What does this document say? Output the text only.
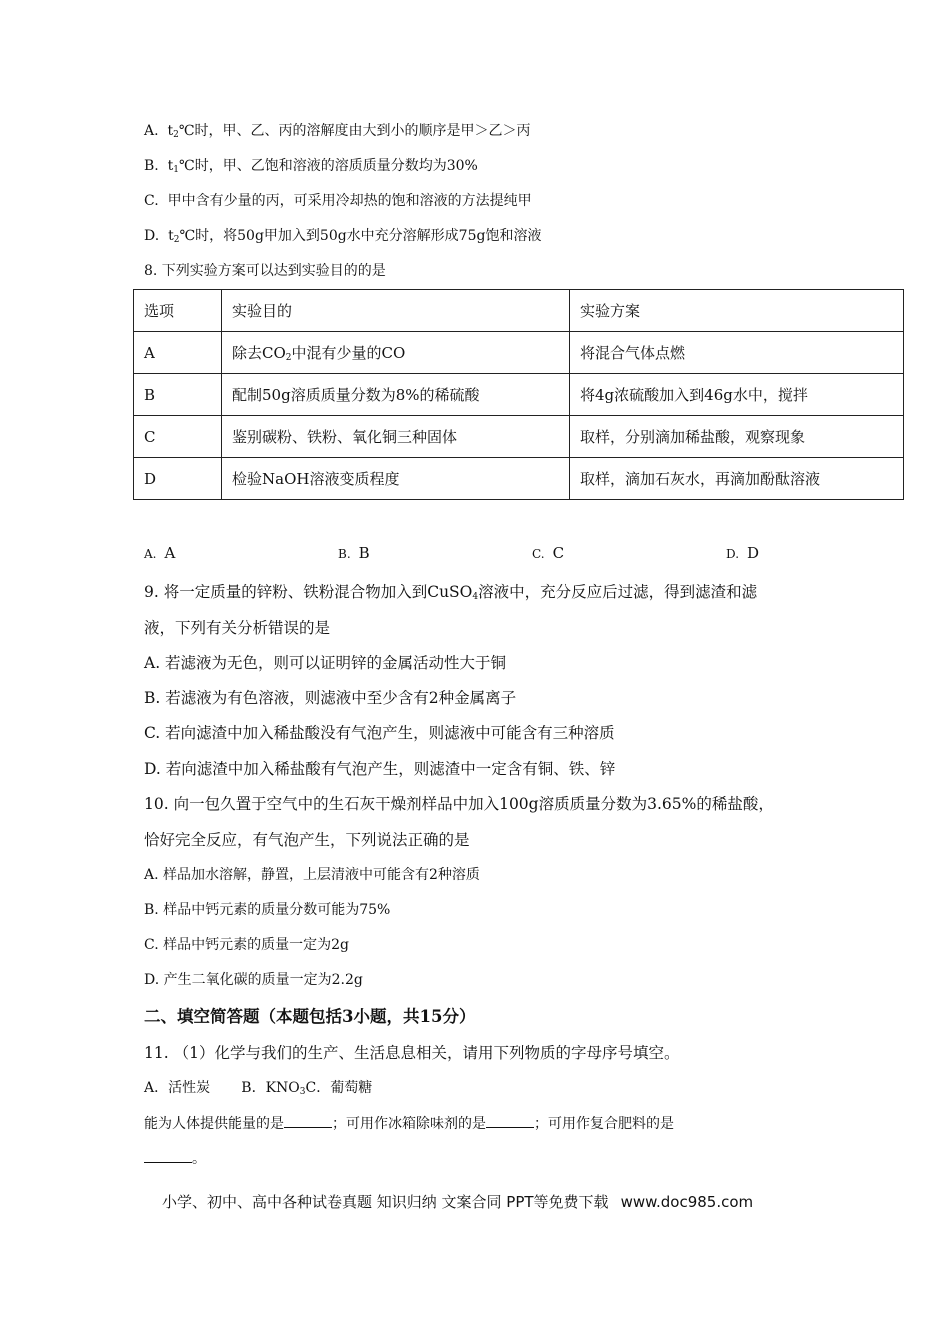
A. $t_2℃$时，甲、乙、丙的溶解度由大到小的顺序是甲＞乙＞丙
B. $t_1℃$时，甲、乙饱和溶液的溶质质量分数均为30%
C. 甲中含有少量的丙，可采用冷却热的饱和溶液的方法提纯甲
D. $t_2℃$时，将50g甲加入到50g水中充分溶解形成75g饱和溶液
8. 下列实验方案可以达到实验目的的是
选项	实验目的	实验方案
A	除去$CO_2$中混有少量的CO	将混合气体点燃
B	配制50g溶质质量分数为8%的稀硫酸	将4g浓硫酸加入到46g水中，搅拌
C	鉴别碳粉、铁粉、氧化铜三种固体	取样，分别滴加稀盐酸，观察现象
D	检验NaOH溶液变质程度	取样，滴加石灰水，再滴加酚酞溶液
A. A	B. B	C. C	D. D
9. 将一定质量的锌粉、铁粉混合物加入到CuSO$_4$溶液中，充分反应后过滤，得到滤渣和滤
液，下列有关分析错误的是
A. 若滤液为无色，则可以证明锌的金属活动性大于铜
B. 若滤液为有色溶液，则滤液中至少含有2种金属离子
C. 若向滤渣中加入稀盐酸没有气泡产生，则滤液中可能含有三种溶质
D. 若向滤渣中加入稀盐酸有气泡产生，则滤渣中一定含有铜、铁、锌
10. 向一包久置于空气中的生石灰干燥剂样品中加入100g溶质质量分数为3.65%的稀盐酸，
恰好完全反应，有气泡产生，下列说法正确的是
A. 样品加水溶解，静置，上层清液中可能含有2种溶质
B. 样品中钙元素的质量分数可能为75%
C. 样品中钙元素的质量一定为2g
D. 产生二氧化碳的质量一定为2.2g
二、填空简答题（本题包括3小题，共15分）
11. （1）化学与我们的生产、生活息息相关，请用下列物质的字母序号填空。
A．活性炭 B．$KNO_3C$．葡萄糖
能为人体提供能量的是	；可用作冰箱除味剂的是	；可用作复合肥料的是
。
小学、初中、高中各种试卷真题 知识归纳 文案合同 PPT等免费下载 www.doc985.com
